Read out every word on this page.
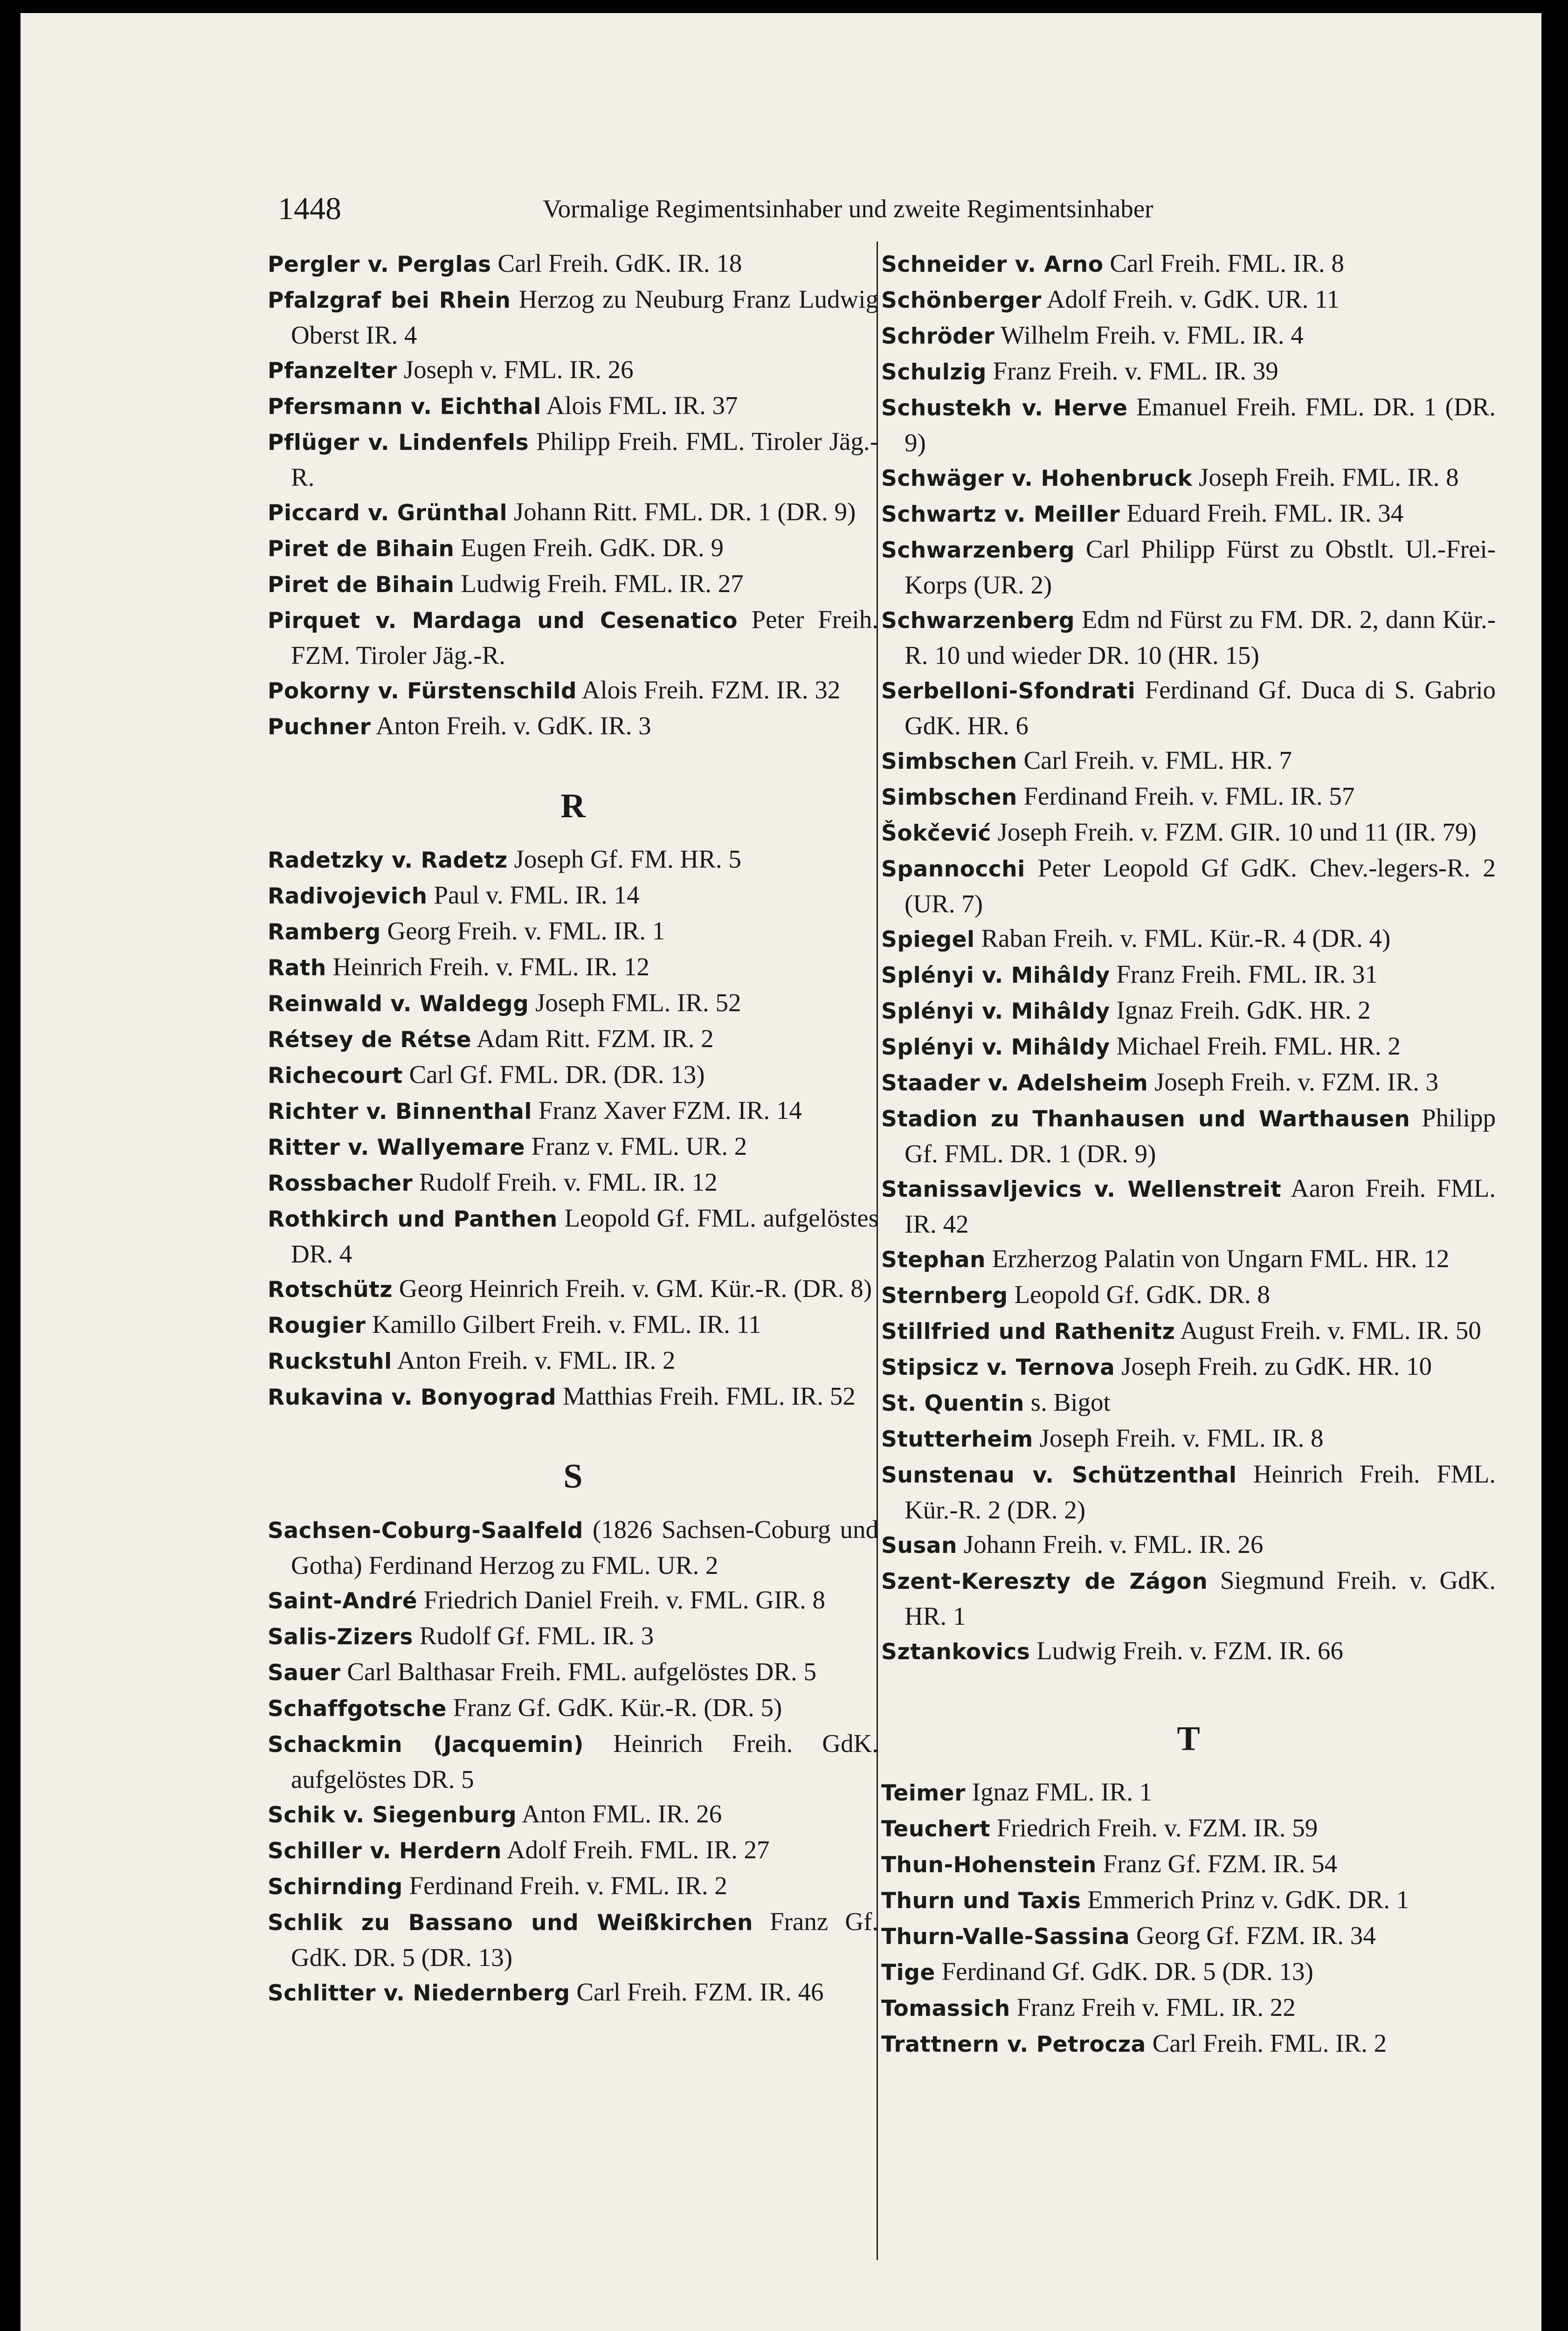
1448	Vormalige Regimentsinhaber und zweite Regimentsinhaber

Pergler v. Perglas Carl Freih. GdK. IR. 18

Pfalzgraf bei Rhein Herzog zu Neuburg Franz Ludwig Oberst IR. 4

Pfanzelter Joseph v. FML. IR. 26

Pfersmann v. Eichthal Alois FML. IR. 37

Pflüger v. Lindenfels Philipp Freih. FML. Tiroler Jäg.-R.

Piccard v. Grünthal Johann Ritt. FML. DR. 1 (DR. 9)

Piret de Bihain Eugen Freih. GdK. DR. 9

Piret de Bihain Ludwig Freih. FML. IR. 27

Pirquet v. Mardaga und Cesenatico Peter Freih. FZM. Tiroler Jäg.-R.

Pokorny v. Fürstenschild Alois Freih. FZM. IR. 32

Puchner Anton Freih. v. GdK. IR. 3

R

Radetzky v. Radetz Joseph Gf. FM. HR. 5

Radivojevich Paul v. FML. IR. 14

Ramberg Georg Freih. v. FML. IR. 1

Rath Heinrich Freih. v. FML. IR. 12

Reinwald v. Waldegg Joseph FML. IR. 52

Rétsey de Rétse Adam Ritt. FZM. IR. 2

Richecourt Carl Gf. FML. DR. (DR. 13)

Richter v. Binnenthal Franz Xaver FZM. IR. 14

Ritter v. Wallyemare Franz v. FML. UR. 2

Rossbacher Rudolf Freih. v. FML. IR. 12

Rothkirch und Panthen Leopold Gf. FML. aufgelöstes DR. 4

Rotschütz Georg Heinrich Freih. v. GM. Kür.-R. (DR. 8)

Rougier Kamillo Gilbert Freih. v. FML. IR. 11

Ruckstuhl Anton Freih. v. FML. IR. 2

Rukavina v. Bonyograd Matthias Freih. FML. IR. 52

S

Sachsen-Coburg-Saalfeld (1826 Sachsen-Coburg und Gotha) Ferdinand Herzog zu FML. UR. 2

Saint-André Friedrich Daniel Freih. v. FML. GIR. 8

Salis-Zizers Rudolf Gf. FML. IR. 3

Sauer Carl Balthasar Freih. FML. aufgelöstes DR. 5

Schaffgotsche Franz Gf. GdK. Kür.-R. (DR. 5)

Schackmin (Jacquemin) Heinrich Freih. GdK. aufgelöstes DR. 5

Schik v. Siegenburg Anton FML. IR. 26

Schiller v. Herdern Adolf Freih. FML. IR. 27

Schirnding Ferdinand Freih. v. FML. IR. 2

Schlik zu Bassano und Weißkirchen Franz Gf. GdK. DR. 5 (DR. 13)

Schlitter v. Niedernberg Carl Freih. FZM. IR. 46

Schneider v. Arno Carl Freih. FML. IR. 8

Schönberger Adolf Freih. v. GdK. UR. 11

Schröder Wilhelm Freih. v. FML. IR. 4

Schulzig Franz Freih. v. FML. IR. 39

Schustekh v. Herve Emanuel Freih. FML. DR. 1 (DR. 9)

Schwäger v. Hohenbruck Joseph Freih. FML. IR. 8

Schwartz v. Meiller Eduard Freih. FML. IR. 34

Schwarzenberg Carl Philipp Fürst zu Obstlt. Ul.-Frei-Korps (UR. 2)

Schwarzenberg Edm nd Fürst zu FM. DR. 2, dann Kür.-R. 10 und wieder DR. 10 (HR. 15)

Serbelloni-Sfondrati Ferdinand Gf. Duca di S. Gabrio GdK. HR. 6

Simbschen Carl Freih. v. FML. HR. 7

Simbschen Ferdinand Freih. v. FML. IR. 57

Šokčević Joseph Freih. v. FZM. GIR. 10 und 11 (IR. 79)

Spannocchi Peter Leopold Gf GdK. Chev.-legers-R. 2 (UR. 7)

Spiegel Raban Freih. v. FML. Kür.-R. 4 (DR. 4)

Splényi v. Mihâldy Franz Freih. FML. IR. 31

Splényi v. Mihâldy Ignaz Freih. GdK. HR. 2

Splényi v. Mihâldy Michael Freih. FML. HR. 2

Staader v. Adelsheim Joseph Freih. v. FZM. IR. 3

Stadion zu Thanhausen und Warthausen Philipp Gf. FML. DR. 1 (DR. 9)

Stanissavljevics v. Wellenstreit Aaron Freih. FML. IR. 42

Stephan Erzherzog Palatin von Ungarn FML. HR. 12

Sternberg Leopold Gf. GdK. DR. 8

Stillfried und Rathenitz August Freih. v. FML. IR. 50

Stipsicz v. Ternova Joseph Freih. zu GdK. HR. 10

St. Quentin s. Bigot

Stutterheim Joseph Freih. v. FML. IR. 8

Sunstenau v. Schützenthal Heinrich Freih. FML. Kür.-R. 2 (DR. 2)

Susan Johann Freih. v. FML. IR. 26

Szent-Kereszty de Zágon Siegmund Freih. v. GdK. HR. 1

Sztankovics Ludwig Freih. v. FZM. IR. 66

T

Teimer Ignaz FML. IR. 1

Teuchert Friedrich Freih. v. FZM. IR. 59

Thun-Hohenstein Franz Gf. FZM. IR. 54

Thurn und Taxis Emmerich Prinz v. GdK. DR. 1

Thurn-Valle-Sassina Georg Gf. FZM. IR. 34

Tige Ferdinand Gf. GdK. DR. 5 (DR. 13)

Tomassich Franz Freih v. FML. IR. 22

Trattnern v. Petrocza Carl Freih. FML. IR. 2
